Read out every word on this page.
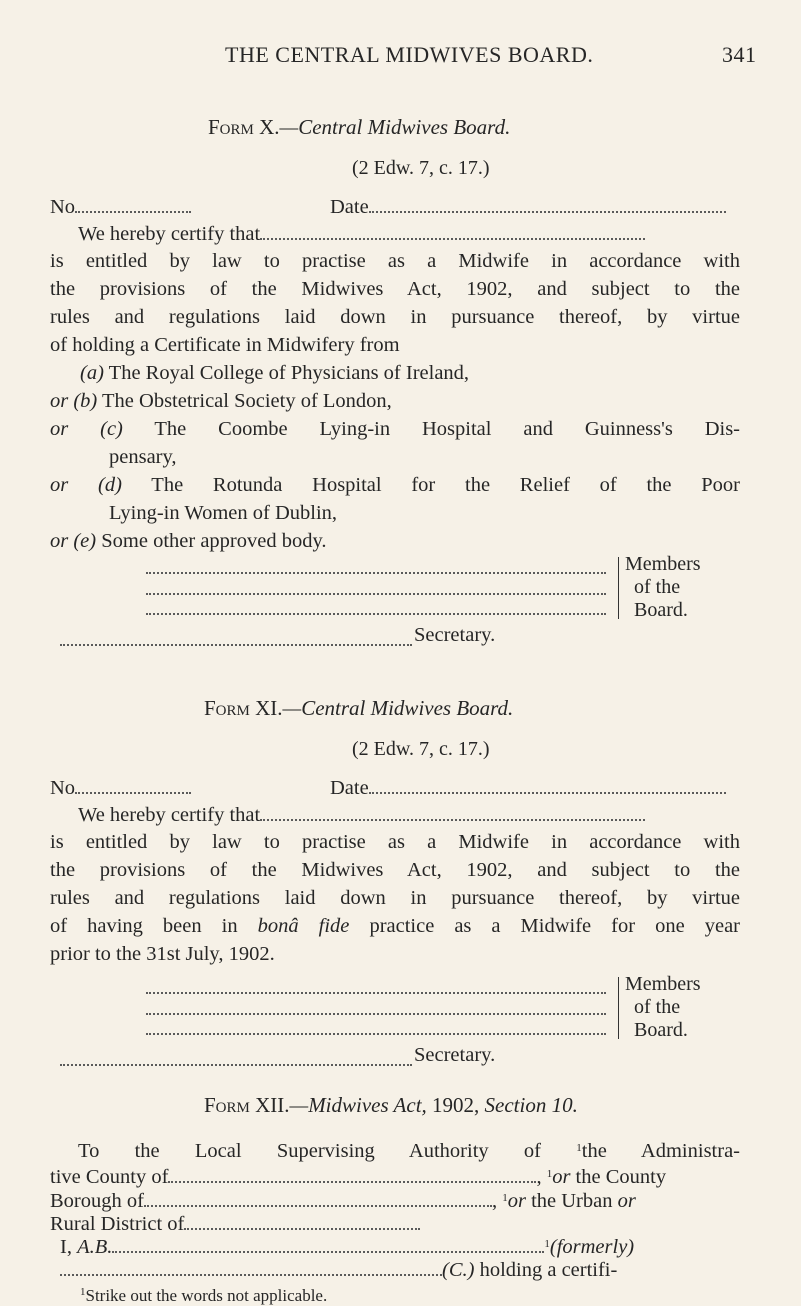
THE CENTRAL MIDWIVES BOARD.	341
Form X.—Central Midwives Board.
(2 Edw. 7, c. 17.)
No	Date
We hereby certify that
is entitled by law to practise as a Midwife in accordance with
the provisions of the Midwives Act, 1902, and subject to the
rules and regulations laid down in pursuance thereof, by virtue
of holding a Certificate in Midwifery from
(a) The Royal College of Physicians of Ireland,
or (b) The Obstetrical Society of London,
or (c) The Coombe Lying-in Hospital and Guinness's Dis-
pensary,
or (d) The Rotunda Hospital for the Relief of the Poor
Lying-in Women of Dublin,
or (e) Some other approved body.
Members
of the
Board.
Secretary.
Form XI.—Central Midwives Board.
(2 Edw. 7, c. 17.)
No	Date
We hereby certify that
is entitled by law to practise as a Midwife in accordance with
the provisions of the Midwives Act, 1902, and subject to the
rules and regulations laid down in pursuance thereof, by virtue
of having been in bonâ fide practice as a Midwife for one year
prior to the 31st July, 1902.
Members
of the
Board.
Secretary.
Form XII.—Midwives Act, 1902, Section 10.
To the Local Supervising Authority of	$^1$the Administra-
tive County of	, $^1$or the County
Borough of	, $^1$or the Urban or
Rural District of
I, A.B.	$^1$(formerly)
(C.) holding a certifi-
$^1$Strike out the words not applicable.
